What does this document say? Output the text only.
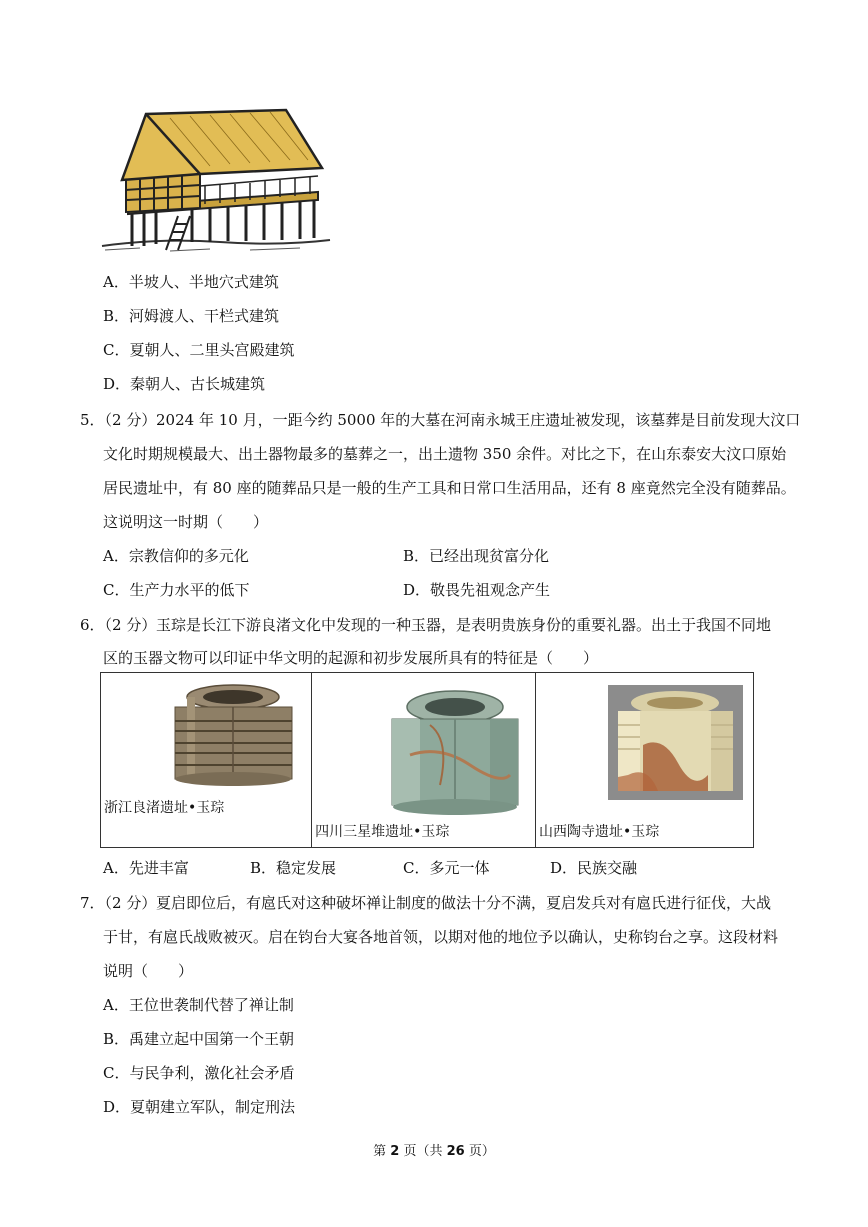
A．半坡人、半地穴式建筑
B．河姆渡人、干栏式建筑
C．夏朝人、二里头宫殿建筑
D．秦朝人、古长城建筑
5．（2 分） 2024 年 10 月，一距今约 5000 年的大墓在河南永城王庄遗址被发现，该墓葬是目前发现大汶口
文化时期规模最大、出土器物最多的墓葬之一，出土遗物 350 余件。对比之下，在山东泰安大汶口原始
居民遗址中，有 80 座的随葬品只是一般的生产工具和日常口生活用品，还有 8 座竟然完全没有随葬品。
这说明这一时期（　　）
A．宗教信仰的多元化	B．已经出现贫富分化
C．生产力水平的低下	D．敬畏先祖观念产生
6．（2 分） 玉琮是长江下游良渚文化中发现的一种玉器，是表明贵族身份的重要礼器。出土于我国不同地
区的玉器文物可以印证中华文明的起源和初步发展所具有的特征是（　　）
浙江良渚遗址•玉琮

四川三星堆遗址•玉琮	山西陶寺遗址•玉琮
A．先进丰富	B．稳定发展	C．多元一体	D．民族交融
7．（2 分） 夏启即位后，有扈氏对这种破坏禅让制度的做法十分不满，夏启发兵对有扈氏进行征伐，大战
于甘，有扈氏战败被灭。启在钧台大宴各地首领，以期对他的地位予以确认，史称钧台之享。这段材料
说明（　　）
A．王位世袭制代替了禅让制
B．禹建立起中国第一个王朝
C．与民争利，激化社会矛盾
D．夏朝建立军队，制定刑法
第 2 页（共 26 页）
